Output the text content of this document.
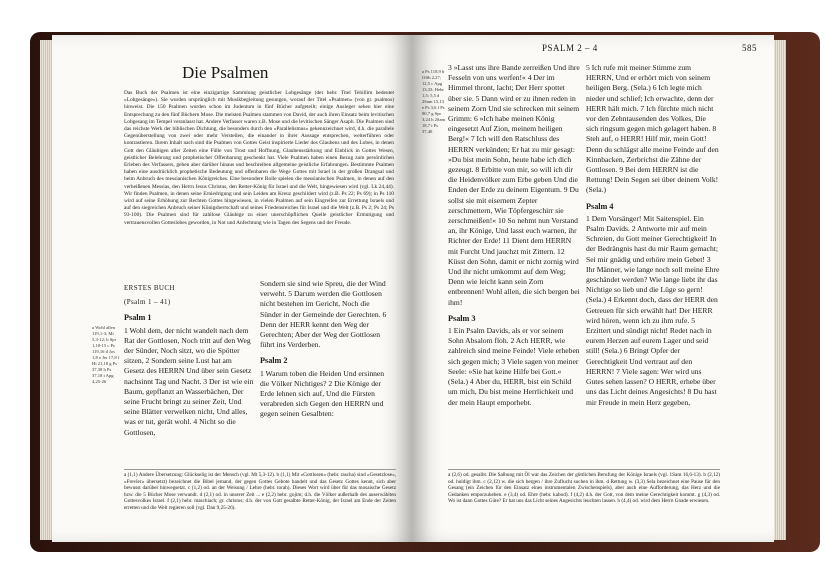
Die Psalmen
Das Buch der Psalmen ist eine einzigartige Sammlung geistlicher Lobgesänge (der hebr. Titel Tehillim bedeutet »Lobgesänge«). Sie wurden ursprünglich mit Musikbegleitung gesungen, worauf der Titel »Psalmen« (von gr. psalmos) hinweist. Die 150 Psalmen wurden schon im Judentum in fünf Bücher aufgeteilt; einige Ausleger sehen hier eine Entsprechung zu den fünf Büchern Mose. Die meisten Psalmen stammen von David, der auch ihren Einsatz beim levitischen Lobgesang im Tempel veranlasst hat. Andere Verfasser waren z.B. Mose und die levitischen Sänger Asaph. Die Psalmen sind das reichste Werk der biblischen Dichtung, die besonders durch den »Parallelismus« gekennzeichnet wird, d.h. die parallele Gegenüberstellung von zwei oder mehr Versteilen, die einander in ihrer Aussage entsprechen, weiterführen oder kontrastieren. Ihrem Inhalt nach sind die Psalmen von Gottes Geist inspirierte Lieder des Glaubens und des Lobes, in denen Gott den Gläubigen aller Zeiten eine Fülle von Trost und Hoffnung, Glaubensstärkung und Einblick in Gottes Wesen, geistlicher Belehrung und prophetischer Offenbarung geschenkt hat. Viele Psalmen haben einen Bezug zum persönlichen Erleben des Verfassers, gehen aber darüber hinaus und beschreiben allgemeine geistliche Erfahrungen. Bestimmte Psalmen haben eine ausdrücklich prophetische Bedeutung und offenbaren die Wege Gottes mit Israel in der großen Drangsal und beim Anbruch des messianischen Königreiches. Eine besondere Rolle spielen die messianischen Psalmen, in denen auf den verheißenen Messias, den Herrn Jesus Christus, den Retter-König für Israel und die Welt, hingewiesen wird (vgl. Lk 24,44). Wir finden Psalmen, in denen seine Erniedrigung und sein Leiden am Kreuz geschildert wird (z.B. Ps 22; Ps 69); in Ps 110 wird auf seine Erhöhung zur Rechten Gottes hingewiesen, in vielen Psalmen auf sein Eingreifen zur Errettung Israels und auf den siegreichen Anbruch seiner Königsherrschaft und seines Friedensreiches für Israel und die Welt (z.B. Ps 2; Ps 24; Ps 93-100). Die Psalmen sind für zahllose Gläubige zu einer unerschöpflichen Quelle geistlicher Ermutigung und vertrauensvollen Gotteslobes geworden, in Not und Anfechtung wie in Tagen des Segens und der Freude.
ERSTES BUCH
(Psalm 1 – 41)
Psalm 1
1 Wohl dem, der nicht wandelt nach dem Rat der Gottlosen, Noch tritt auf den Weg der Sünder, Noch sitzt, wo die Spötter sitzen, 2 Sondern seine Lust hat am Gesetz des HERRN Und über sein Gesetz nachsinnt Tag und Nacht. 3 Der ist wie ein Baum, gepflanzt an Wasserbächen, Der seine Frucht bringt zu seiner Zeit, Und seine Blätter verwelken nicht, Und alles, was er tut, gerät wohl. 4 Nicht so die Gottlosen,
Sondern sie sind wie Spreu, die der Wind verweht. 5 Darum werden die Gottlosen nicht bestehen im Gericht, Noch die Sünder in der Gemeinde der Gerechten. 6 Denn der HERR kennt den Weg der Gerechten; Aber der Weg der Gottlosen führt ins Verderben.
Psalm 2
1 Warum toben die Heiden Und ersinnen die Völker Nichtiges? 2 Die Könige der Erde lehnen sich auf, Und die Fürsten verabreden sich Gegen den HERRN und gegen seinen Gesalbten:
a Wohl allen 119,1-3; Mt 5,3-12; b Spr 1,10-15 c Ps 119,16 d Jos 1,8 e Jer 17,8 f Hi 21,18 g Ps 37,38 h Ps 37,18 i Apg 4,25-26
a (1,1) Andere Übersetzung: Glückselig ist der Mensch (vgl. Mt 5,3-12). b (1,1) Mit »Gottlosen« (hebr. rascha) sind »Gesetzlose«, »Frevler« übersetzt) bezeichnet die Bibel jemand, der gegen Gottes Gebote handelt und das Gesetz Gottes kennt, sich aber bewusst darüber hinwegsetzt. c (1,2) od. an der Weisung / Lehre (hebr. torah). Dieses Wort wird über für das mosaische Gesetz bzw. die 5 Bücher Mose verwandt. d (2,1) od. in unserer Zeit ... e (2,2) hebr. gojim; d.h. die Völker außerhalb des auserwählten Gottesvolkes Israel. f (2,1) hebr. maschiach; gr. christos; d.h. der von Gott gesalbte Retter-König, der Israel am Ende der Zeiten erretten und die Welt regieren soll (vgl. Dan 9,25-26).
PSALM 2 – 4	585
a Ps 118,9 b Offb 2,27; 12,5 c Apg 13,33; Hebr 1,5; 5,5 d 2Sam 15,13 e Ps 3,6 f Ps 90,7 g Spr 3,24 h 2Sam 18,7 i Ps 37,40
3 »Lasst uns ihre Bande zerreißen Und ihre Fesseln von uns werfen!« 4 Der im Himmel thront, lacht; Der Herr spottet über sie. 5 Dann wird er zu ihnen reden in seinem Zorn Und sie schrecken mit seinem Grimm: 6 »Ich habe meinen König eingesetzt Auf Zion, meinem heiligen Berg!« 7 Ich will den Ratschluss des HERRN verkünden; Er hat zu mir gesagt: »Du bist mein Sohn, heute habe ich dich gezeugt. 8 Erbitte von mir, so will ich dir die Heidenvölker zum Erbe geben Und die Enden der Erde zu deinem Eigentum. 9 Du sollst sie mit eisernem Zepter zerschmettern, Wie Töpfergeschirr sie zerschmeißen!« 10 So nehmt nun Verstand an, ihr Könige, Und lasst euch warnen, ihr Richter der Erde! 11 Dient dem HERRN mit Furcht Und jauchzt mit Zittern. 12 Küsst den Sohn, damit er nicht zornig wird Und ihr nicht umkommt auf dem Weg; Denn wie leicht kann sein Zorn entbrennen! Wohl allen, die sich bergen bei ihm!
Psalm 3
1 Ein Psalm Davids, als er vor seinem Sohn Absalom floh. 2 Ach HERR, wie zahlreich sind meine Feinde! Viele erheben sich gegen mich; 3 Viele sagen von meiner Seele: »Sie hat keine Hilfe bei Gott.« (Sela.) 4 Aber du, HERR, bist ein Schild um mich, Du bist meine Herrlichkeit und der mein Haupt emporhebt.
5 Ich rufe mit meiner Stimme zum HERRN, Und er erhört mich von seinem heiligen Berg. (Sela.) 6 Ich legte mich nieder und schlief; Ich erwachte, denn der HERR hält mich. 7 Ich fürchte mich nicht vor den Zehntausenden des Volkes, Die sich ringsum gegen mich gelagert haben. 8 Steh auf, o HERR! Hilf mir, mein Gott! Denn du schlägst alle meine Feinde auf den Kinnbacken, Zerbrichst die Zähne der Gottlosen. 9 Bei dem HERRN ist die Rettung! Dein Segen sei über deinem Volk! (Sela.)
Psalm 4
1 Dem Vorsänger! Mit Saitenspiel. Ein Psalm Davids. 2 Antworte mir auf mein Schreien, du Gott meiner Gerechtigkeit! In der Bedrängnis hast du mir Raum gemacht; Sei mir gnädig und erhöre mein Gebet! 3 Ihr Männer, wie lange noch soll meine Ehre geschändet werden? Wie lange liebt ihr das Nichtige so lieb und die Lüge so gern! (Sela.) 4 Erkennt doch, dass der HERR den Getreuen für sich erwählt hat! Der HERR wird hören, wenn ich zu ihm rufe. 5 Erzittert und sündigt nicht! Redet nach in eurem Herzen auf eurem Lager und seid still! (Sela.) 6 Bringt Opfer der Gerechtigkeit Und vertraut auf den HERRN! 7 Viele sagen: Wer wird uns Gutes sehen lassen? O HERR, erhebe über uns das Licht deines Angesichts! 8 Du hast mir Freude in mein Herz gegeben,
a (2,6) od. gesalbt. Die Salbung mit Öl war das Zeichen der göttlichen Berufung der Könige Israels (vgl. 1Sam 16,6-13). b (2,12) od. huldigt ihm. c (2,12) w. die sich bergen / ihre Zuflucht suchen in ihm. d Rettung w. (3,3) Sela bezeichnet eine Pause für den Gesang (ein Zeichen für den Einsatz eines instrumentalen Zwischenspiels), aber auch eine Aufforderung, das Herz und die Gedanken emporzuheben. e (3,4) od. Ehre (hebr. kabod). f (4,2) d.h. der Gott, von dem meine Gerechtigkeit kommt. g (4,3) od. Wo ist dann Gottes Güte? Er hat uns das Licht seines Angesichts leuchten lassen. h (4,4) od. wird dem Herrn Gnade erwiesen.
